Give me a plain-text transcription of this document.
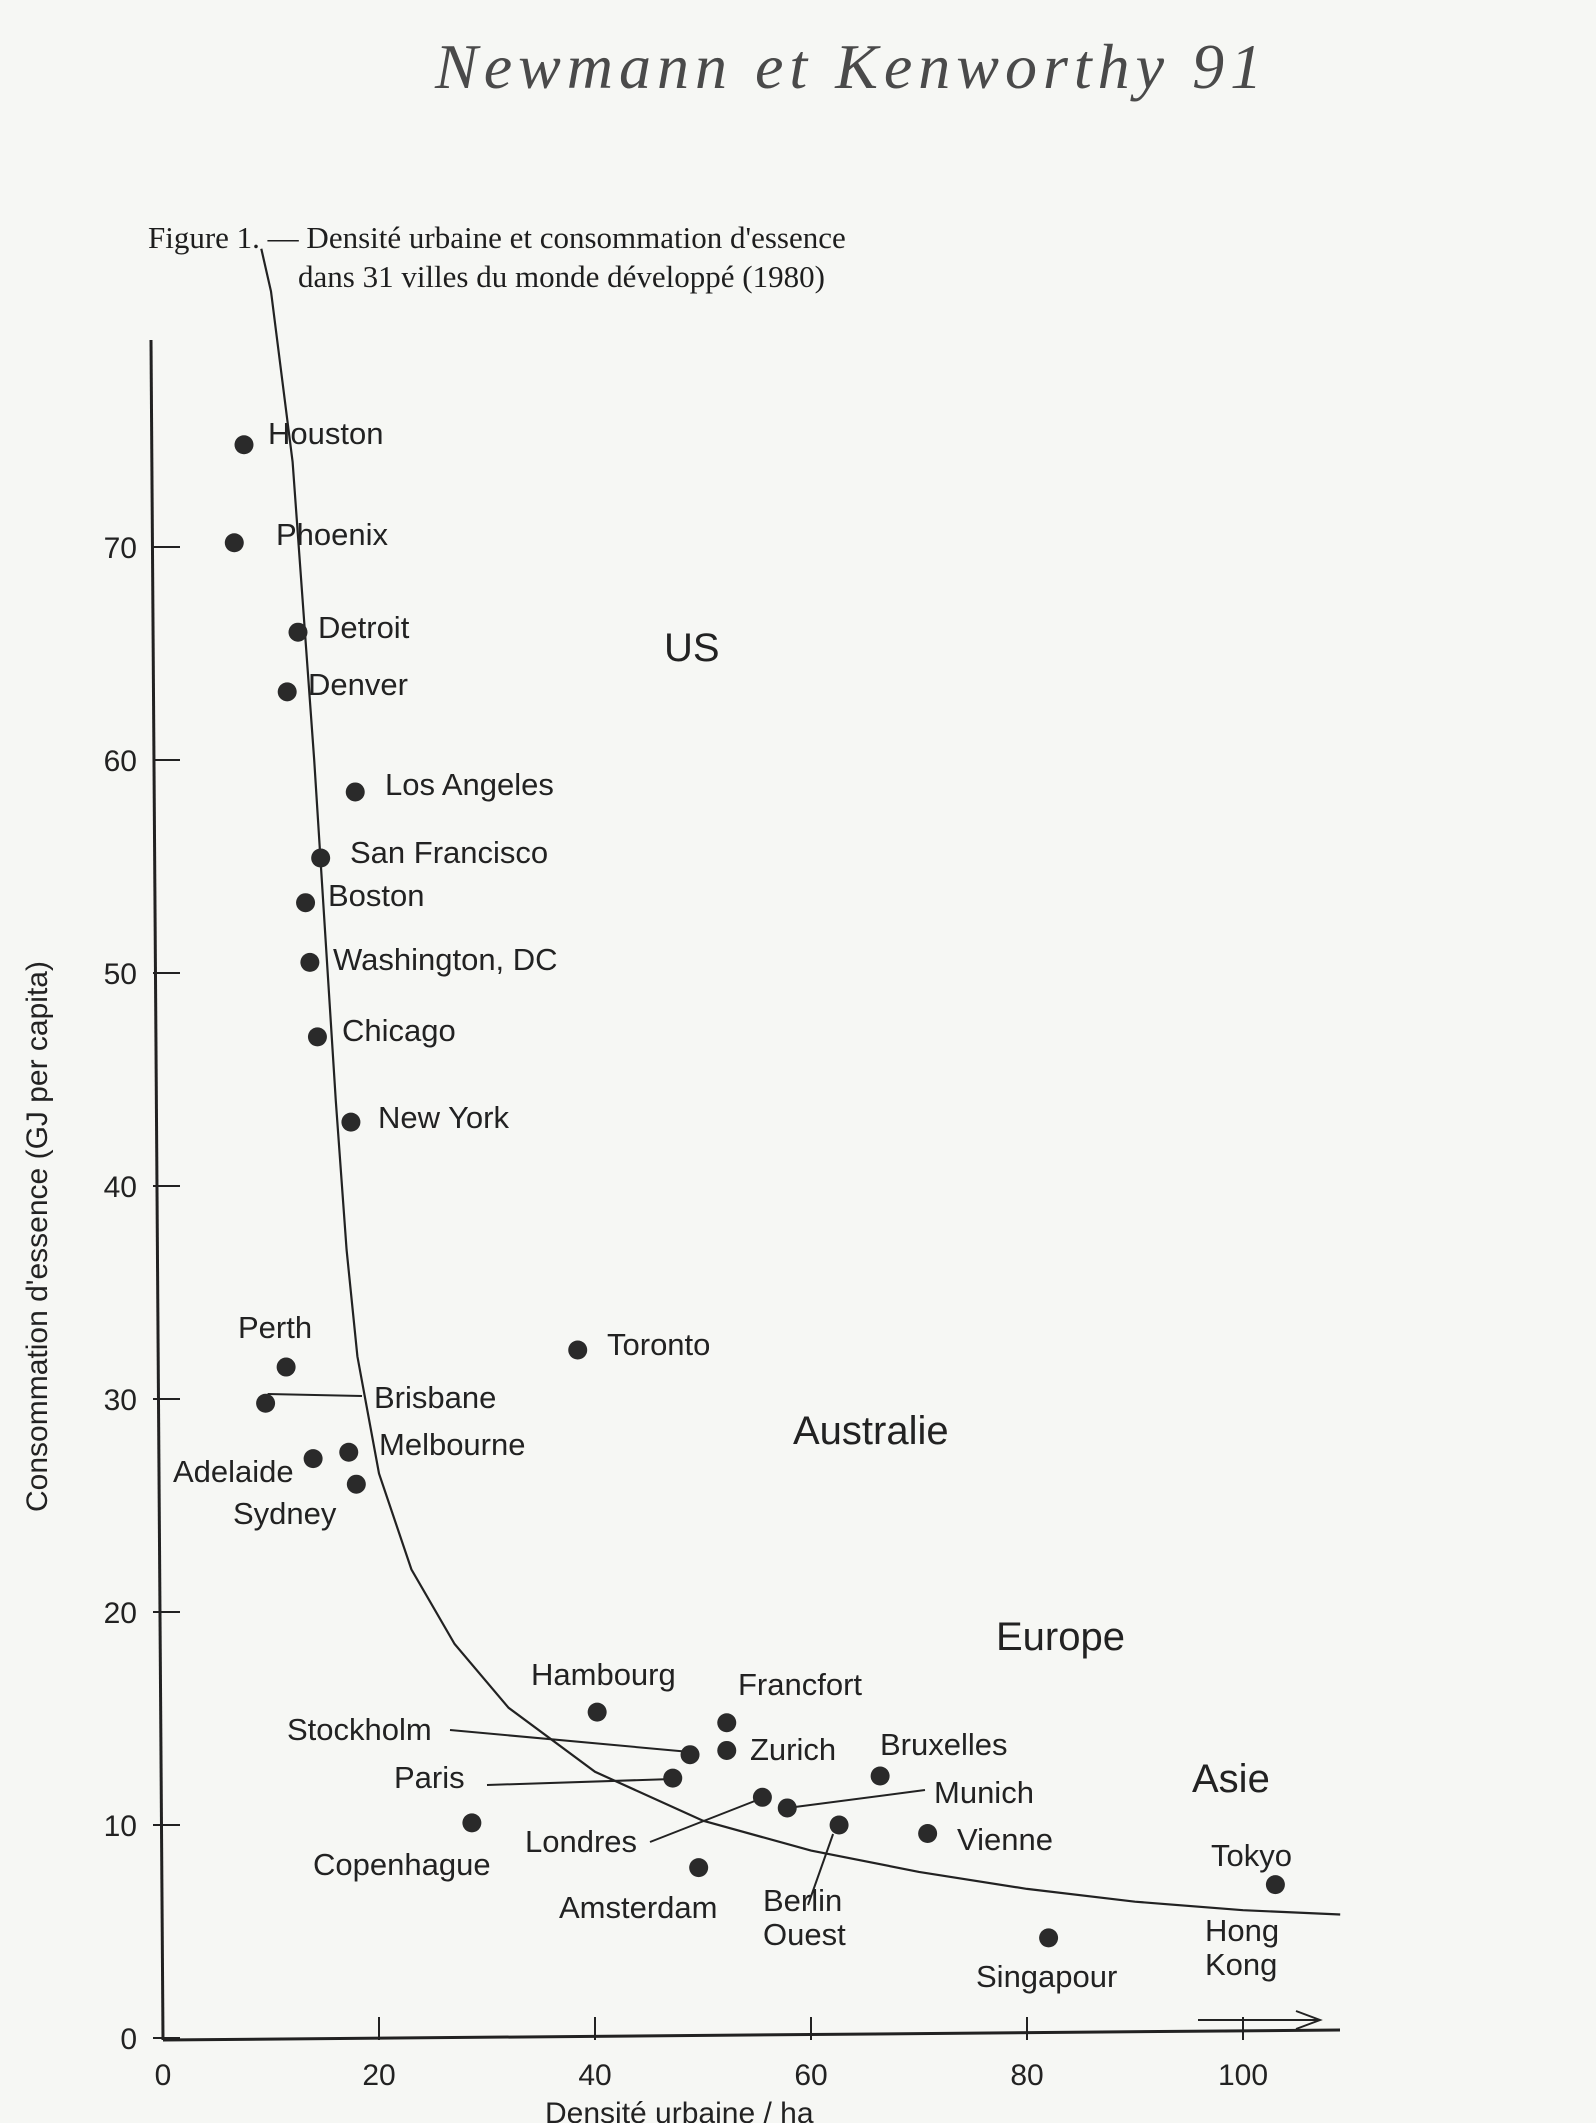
Newmann et Kenworthy 91
Figure 1. — Densité urbaine et consommation d'essence
dans 31 villes du monde développé (1980)
0
10
20
30
40
50
60
70
0	20	40	60	80	100
Houston
Phoenix
Detroit
Denver
Los Angeles
San Francisco
Boston
Washington, DC
Chicago
New York
Perth
Brisbane
Melbourne
Adelaide
Sydney
Toronto
Hambourg Francfort
Zurich
Stockholm
Paris
Bruxelles
Munich
Londres
Copenhague
Berlin Ouest
Vienne
Amsterdam
Singapour
Tokyo
Hong Kong
US
Australie
Europe
Asie
Densité urbaine / ha
Consommation d'essence (GJ per capita)
